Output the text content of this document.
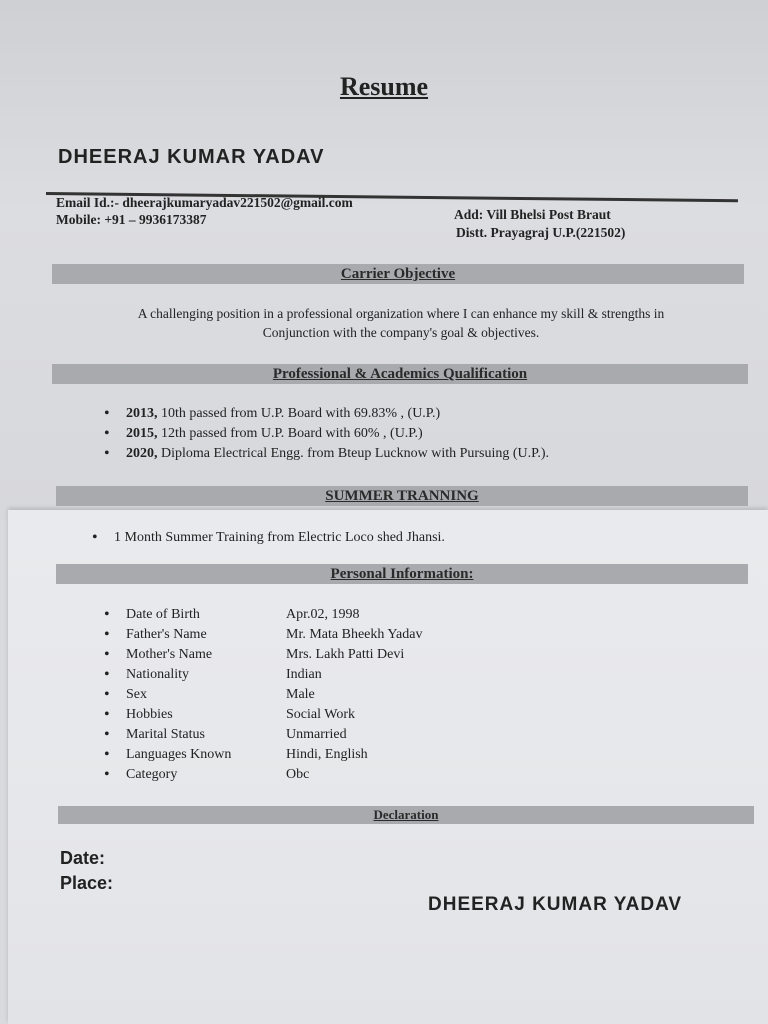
Resume
DHEERAJ KUMAR YADAV
Email Id.:- dheerajkumaryadav221502@gmail.com
Mobile: +91 – 9936173387	Add: Vill Bhelsi Post Braut
Distt. Prayagraj U.P.(221502)
Carrier Objective
A challenging position in a professional organization where I can enhance my skill & strengths in
Conjunction with the company's goal & objectives.
Professional & Academics Qualification
• 2013, 10th passed from U.P. Board with 69.83% , (U.P.)
• 2015, 12th passed from U.P. Board with 60% , (U.P.)
• 2020, Diploma Electrical Engg. from Bteup Lucknow with Pursuing (U.P.).
SUMMER TRANNING
• 1 Month Summer Training from Electric Loco shed Jhansi.
Personal Information:
• Date of Birth	Apr.02, 1998
• Father's Name	Mr. Mata Bheekh Yadav
• Mother's Name	Mrs. Lakh Patti Devi
• Nationality	Indian
• Sex	Male
• Hobbies	Social Work
• Marital Status	Unmarried
• Languages Known	Hindi, English
• Category	Obc
Declaration
Date:
Place:
DHEERAJ KUMAR YADAV
